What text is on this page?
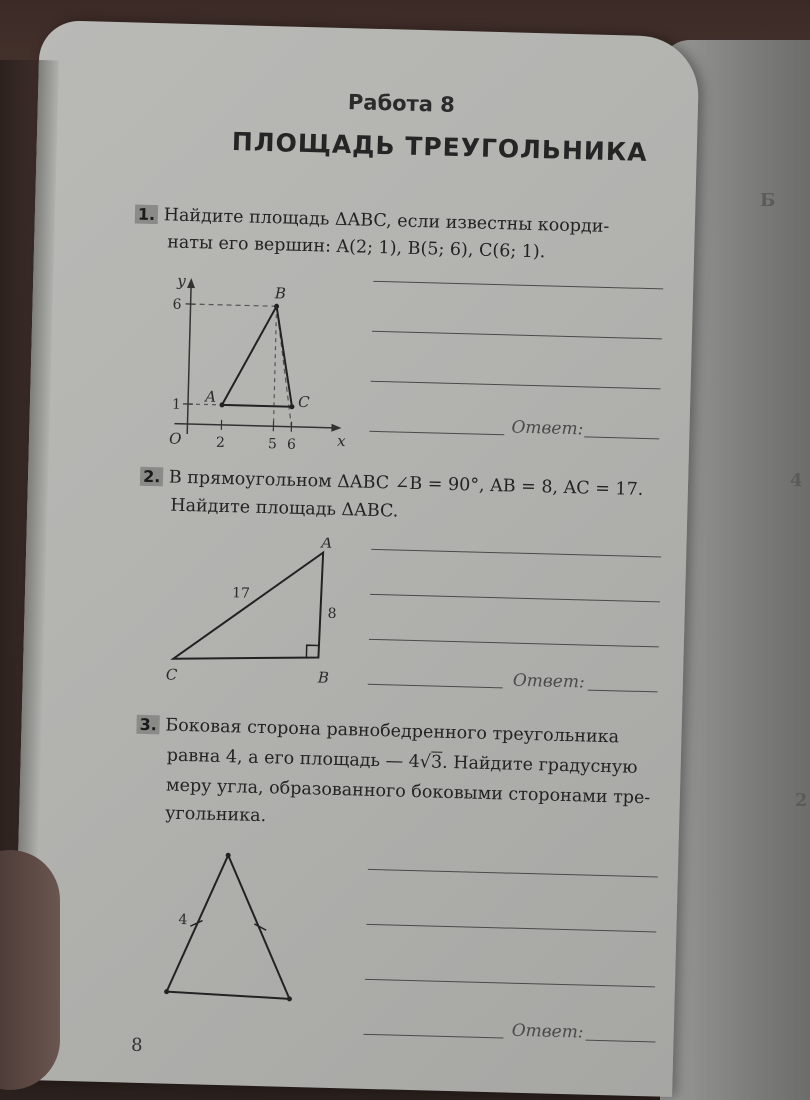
Б
4
2
Работа 8
ПЛОЩАДЬ ТРЕУГОЛЬНИКА
1. Найдите площадь ΔABC, если известны коорди-
наты его вершин: A(2; 1), B(5; 6), C(6; 1).
y
x
O
6
1
2	5 6
A
B
C
Ответ:
2. В прямоугольном ΔABC ∠B = 90°, AB = 8, AC = 17.
Найдите площадь ΔABC.
A
B
C
17
8
Ответ:
3. Боковая сторона равнобедренного треугольника
равна 4, а его площадь — 4√3. Найдите градусную
меру угла, образованного боковыми сторонами тре-
угольника.
4
Ответ:
8
